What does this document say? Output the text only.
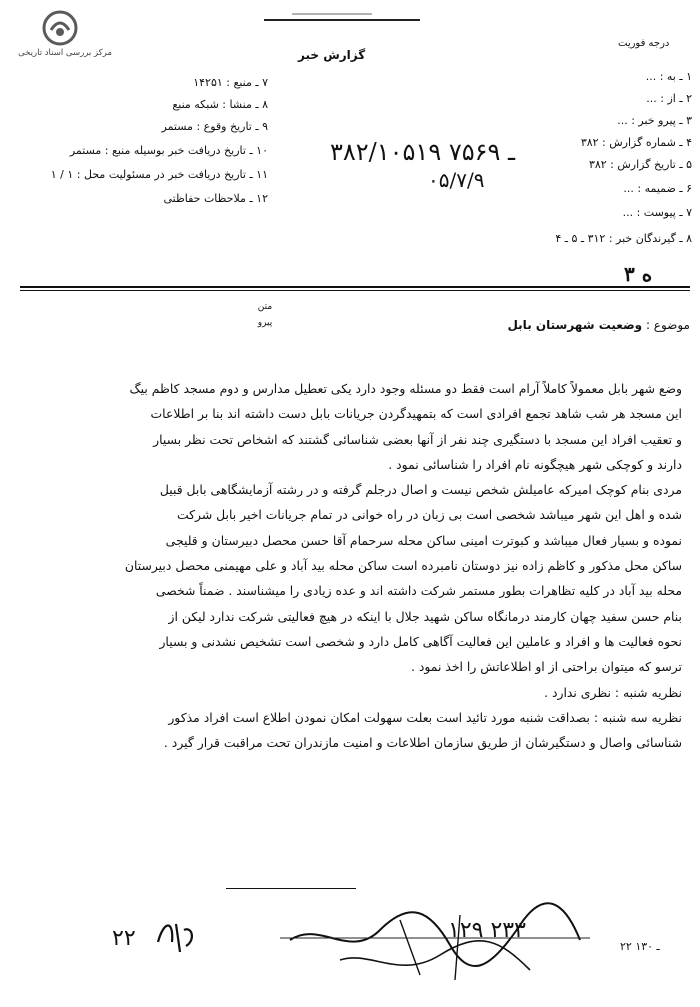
مرکز بررسی اسناد تاریخی	گزارش خبر
درجه فوریت
۷ ـ منبع : ۱۴۲۵۱
۸ ـ منشا : شبکه منبع
۹ ـ تاریخ وقوع : مستمر
۱۰ ـ تاریخ دریافت خبر بوسیله منبع : مستمر
۱۱ ـ تاریخ دریافت خبر در مسئولیت محل : ۱ / ۱
۱۲ ـ ملاحظات حفاظتی
۱ ـ به : ...
۲ ـ از : ...
۳ ـ پیرو خبر : ...
۴ ـ شماره گزارش : ۳۸۲
۵ ـ تاریخ گزارش : ۳۸۲
۶ ـ ضمیمه : ...
۷ ـ پیوست : ...
۸ ـ گیرندگان خبر : ۳۱۲ ـ ۵ ـ ۴
۳۸۲/۱۰۵۱۹ ـ ۷۵۶۹
۰۵/۷/۹
۳ ه
متن
پیرو	موضوع : وضعیت شهرستان بابل

وضع شهر بابل معمولاً کاملاً آرام است فقط دو مسئله وجود دارد یکی تعطیل مدارس و دوم مسجد کاظم بیگ

این مسجد هر شب شاهد تجمع افرادی است که بتمهیدگردن جریانات بابل دست داشته اند بنا بر اطلاعات

و تعقیب افراد این مسجد با دستگیری چند نفر از آنها بعضی شناسائی گشتند که اشخاص تحت نظر بسیار

دارند و کوچکی شهر هیچگونه نام افراد را شناسائی نمود .

مردی بنام کوچک امیرکه عامیلش شخص نیست و اصال درجلم گرفته و در رشته آزمایشگاهی بابل قبیل

شده و اهل این شهر میباشد شخصی است بی زبان در راه خوانی در تمام جریانات اخیر بابل شرکت

نموده و بسیار فعال میباشد و کبوترت امینی ساکن محله سرحمام آقا حسن محصل دبیرستان و قلیجی

ساکن محل مذکور و کاظم زاده نیز دوستان نامبرده است ساکن محله بید آباد و علی مهیمنی محصل دبیرستان

محله بید آباد در کلیه تظاهرات بطور مستمر شرکت داشته اند و عده زیادی را میشناسند . ضمناً شخصی

بنام حسن سفید چهان کارمند درمانگاه ساکن شهید جلال با اینکه در هیچ فعالیتی شرکت ندارد لیکن از

نحوه فعالیت ها و افراد و عاملین این فعالیت آگاهی کامل دارد و شخصی است تشخیص نشدنی و بسیار

ترسو که میتوان براحتی از او اطلاعاتش را اخذ نمود .

نظریه شنبه : نظری ندارد .

نظریه سه شنبه : بصداقت شنبه مورد تائید است بعلت سهولت امکان نمودن اطلاع است افراد مذکور

شناسائی واصال و دستگیرشان از طریق سازمان اطلاعات و امنیت مازندران تحت مراقبت قرار گیرد .

۱۲۹ ۲۳۳
۲۲	۲۲ ـ ۱۳۰
